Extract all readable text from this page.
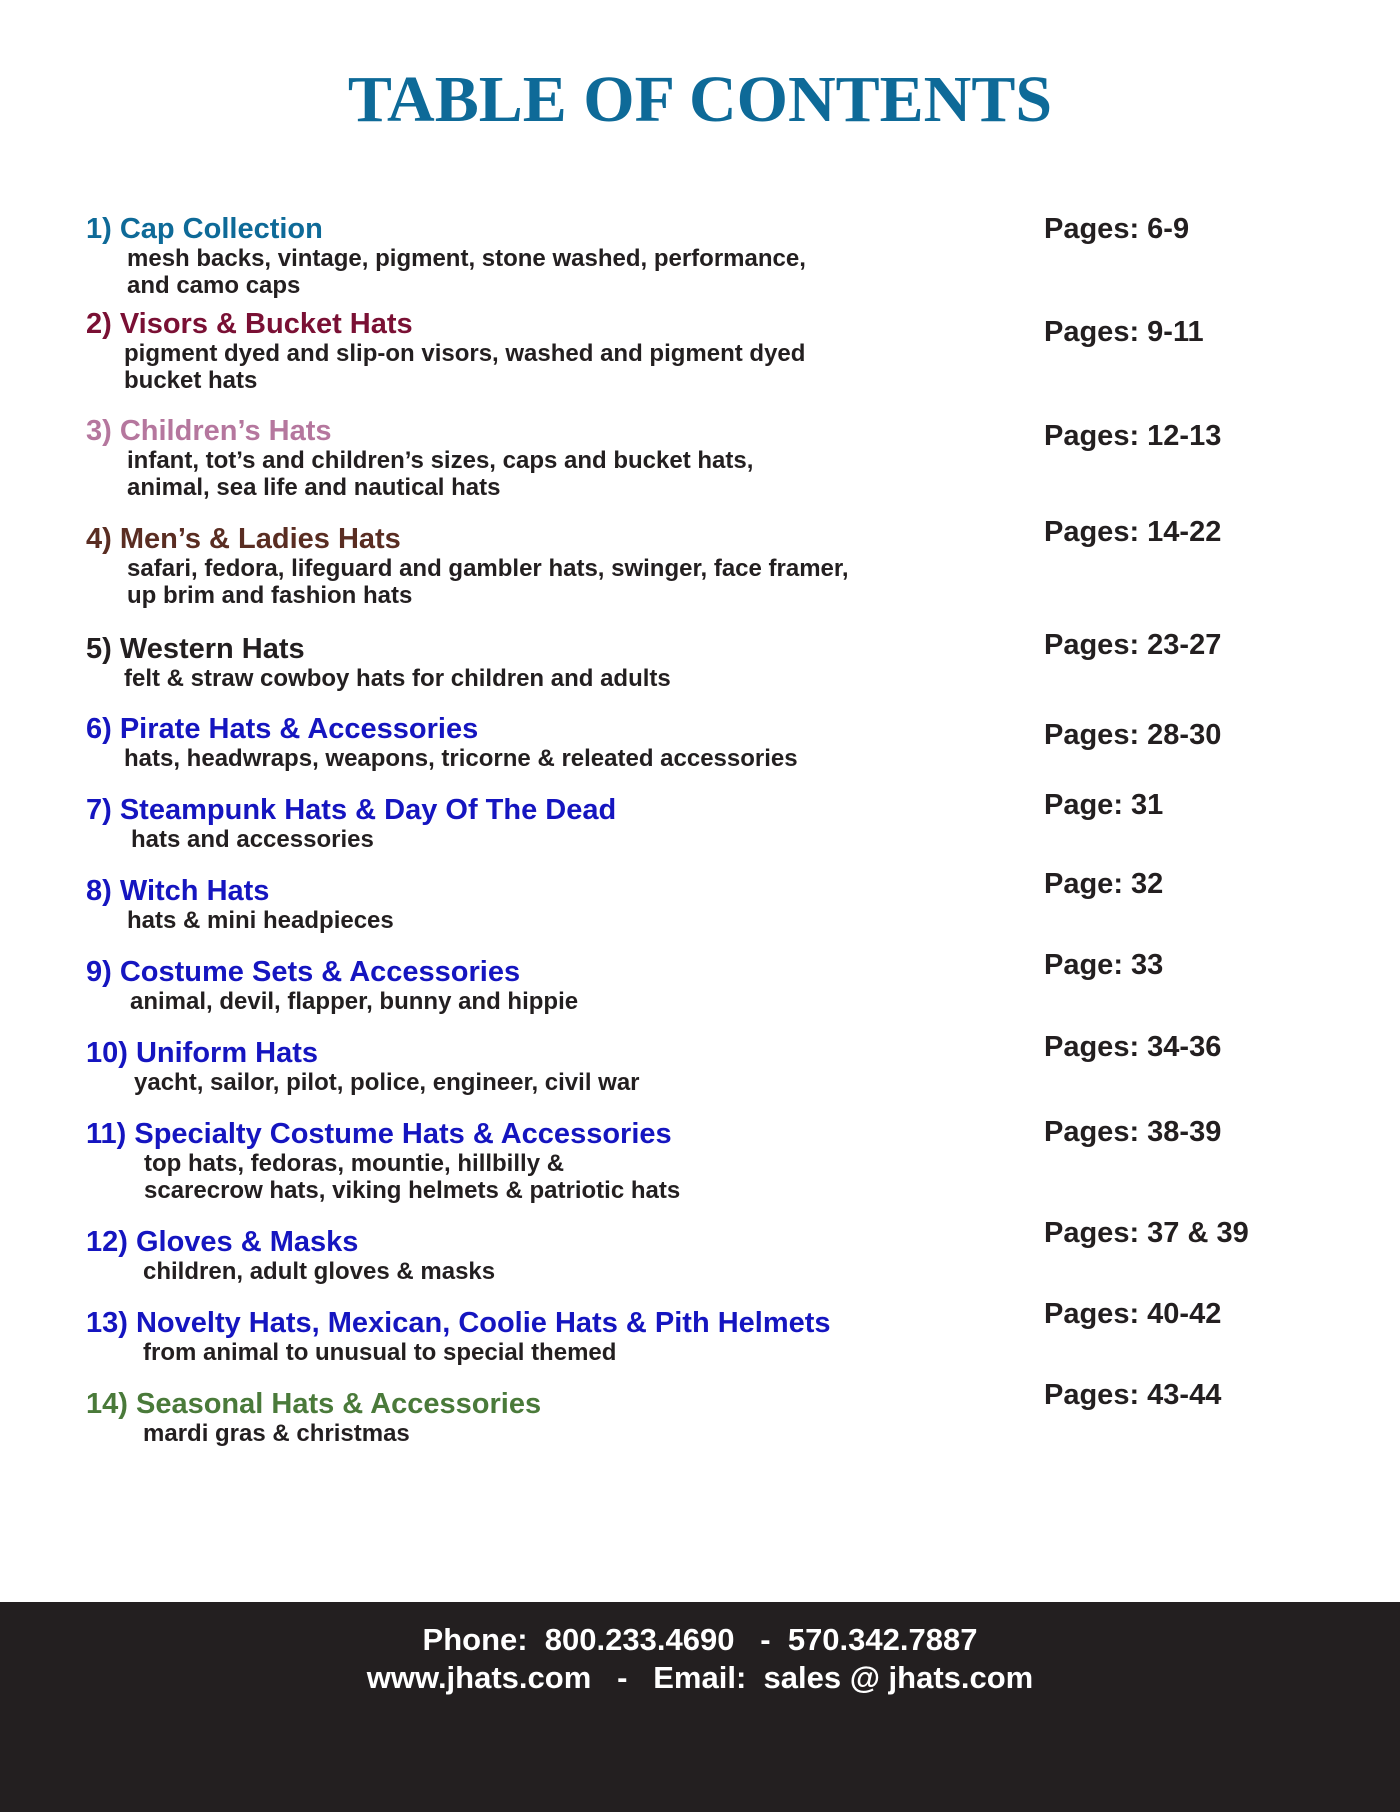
TABLE OF CONTENTS
1) Cap Collection
mesh backs, vintage, pigment, stone washed, performance,
and camo caps
Pages: 6-9
2) Visors & Bucket Hats
pigment dyed and slip-on visors, washed and pigment dyed
bucket hats
Pages: 9-11
3) Children’s Hats
infant, tot’s and children’s sizes, caps and bucket hats,
animal, sea life and nautical hats
Pages: 12-13
4) Men’s & Ladies Hats
safari, fedora, lifeguard and gambler hats, swinger, face framer,
up brim and fashion hats
Pages: 14-22
5) Western Hats
felt & straw cowboy hats for children and adults
Pages: 23-27
6) Pirate Hats & Accessories
hats, headwraps, weapons, tricorne & releated accessories
Pages: 28-30
7) Steampunk Hats & Day Of The Dead
hats and accessories
Page: 31
8) Witch Hats
hats & mini headpieces
Page: 32
9) Costume Sets & Accessories
animal, devil, flapper, bunny and hippie
Page: 33
10) Uniform Hats
yacht, sailor, pilot, police, engineer, civil war
Pages: 34-36
11) Specialty Costume Hats & Accessories
top hats, fedoras, mountie, hillbilly &
scarecrow hats, viking helmets & patriotic hats
Pages: 38-39
12) Gloves & Masks
children, adult gloves & masks
Pages: 37 & 39
13) Novelty Hats, Mexican, Coolie Hats & Pith Helmets
from animal to unusual to special themed
Pages: 40-42
14) Seasonal Hats & Accessories
mardi gras & christmas
Pages: 43-44
Phone:  800.233.4690   -  570.342.7887
www.jhats.com   -   Email:  sales @ jhats.com
